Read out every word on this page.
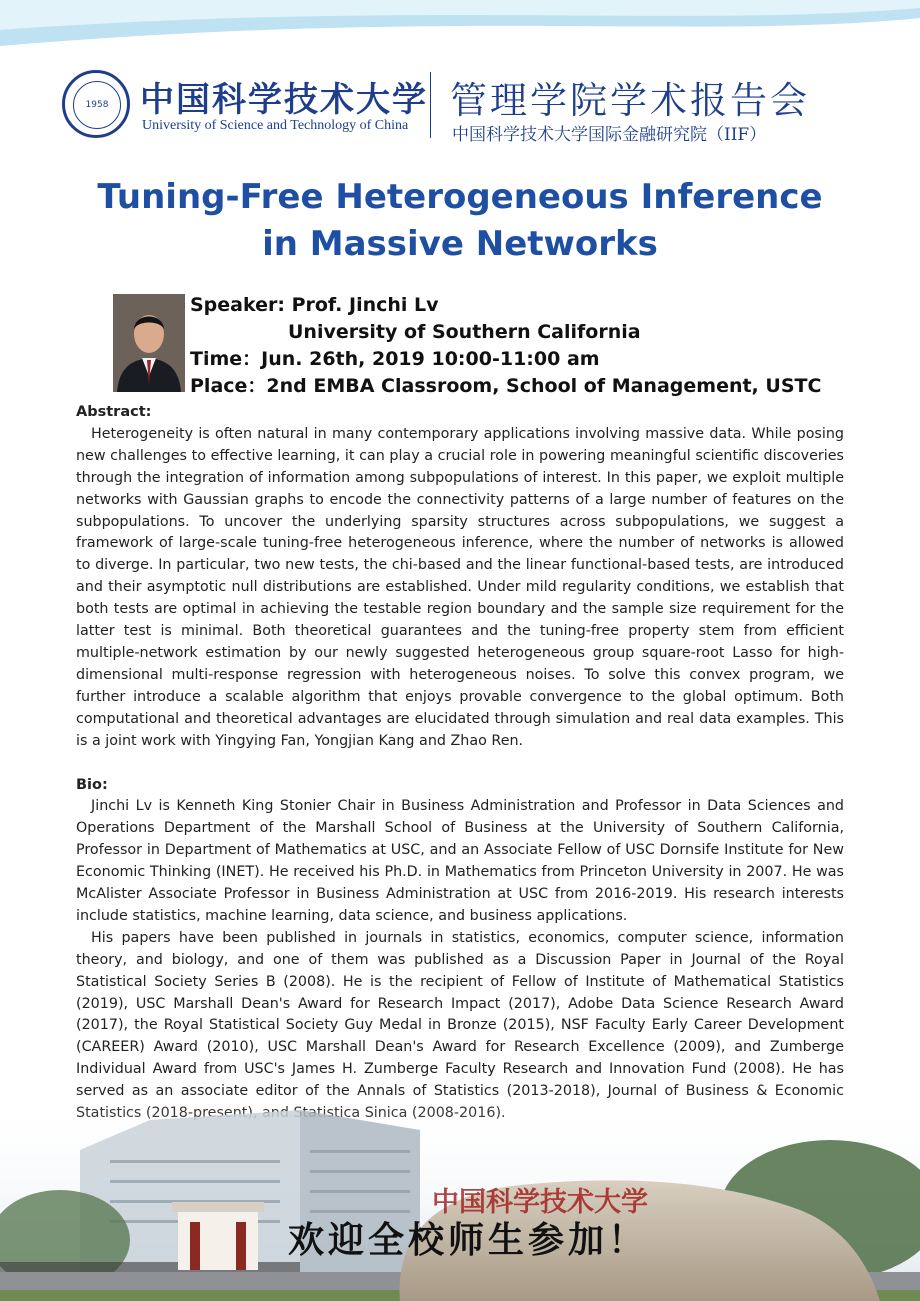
1958 中国科学技术大学
University of Science and Technology of China
管理学院学术报告会
中国科学技术大学国际金融研究院（IIF）
Tuning-Free Heterogeneous Inference
in Massive Networks
Speaker: Prof. Jinchi Lv
University of Southern California
Time：Jun. 26th, 2019 10:00-11:00 am
Place：2nd EMBA Classroom, School of Management, USTC
Abstract:

Heterogeneity is often natural in many contemporary applications involving massive data. While posing new challenges to effective learning, it can play a crucial role in powering meaningful scientific discoveries through the integration of information among subpopulations of interest. In this paper, we exploit multiple networks with Gaussian graphs to encode the connectivity patterns of a large number of features on the subpopulations. To uncover the underlying sparsity structures across subpopulations, we suggest a framework of large-scale tuning-free heterogeneous inference, where the number of networks is allowed to diverge. In particular, two new tests, the chi-based and the linear functional-based tests, are introduced and their asymptotic null distributions are established. Under mild regularity conditions, we establish that both tests are optimal in achieving the testable region boundary and the sample size requirement for the latter test is minimal. Both theoretical guarantees and the tuning-free property stem from efficient multiple-network estimation by our newly suggested heterogeneous group square-root Lasso for high-dimensional multi-response regression with heterogeneous noises. To solve this convex program, we further introduce a scalable algorithm that enjoys provable convergence to the global optimum. Both computational and theoretical advantages are elucidated through simulation and real data examples. This is a joint work with Yingying Fan, Yongjian Kang and Zhao Ren.

Bio:

Jinchi Lv is Kenneth King Stonier Chair in Business Administration and Professor in Data Sciences and Operations Department of the Marshall School of Business at the University of Southern California, Professor in Department of Mathematics at USC, and an Associate Fellow of USC Dornsife Institute for New Economic Thinking (INET). He received his Ph.D. in Mathematics from Princeton University in 2007. He was McAlister Associate Professor in Business Administration at USC from 2016-2019. His research interests include statistics, machine learning, data science, and business applications.

His papers have been published in journals in statistics, economics, computer science, information theory, and biology, and one of them was published as a Discussion Paper in Journal of the Royal Statistical Society Series B (2008). He is the recipient of Fellow of Institute of Mathematical Statistics (2019), USC Marshall Dean's Award for Research Impact (2017), Adobe Data Science Research Award (2017), the Royal Statistical Society Guy Medal in Bronze (2015), NSF Faculty Early Career Development (CAREER) Award (2010), USC Marshall Dean's Award for Research Excellence (2009), and Zumberge Individual Award from USC's James H. Zumberge Faculty Research and Innovation Fund (2008). He has

中国科学技术大学
欢迎全校师生参加！
